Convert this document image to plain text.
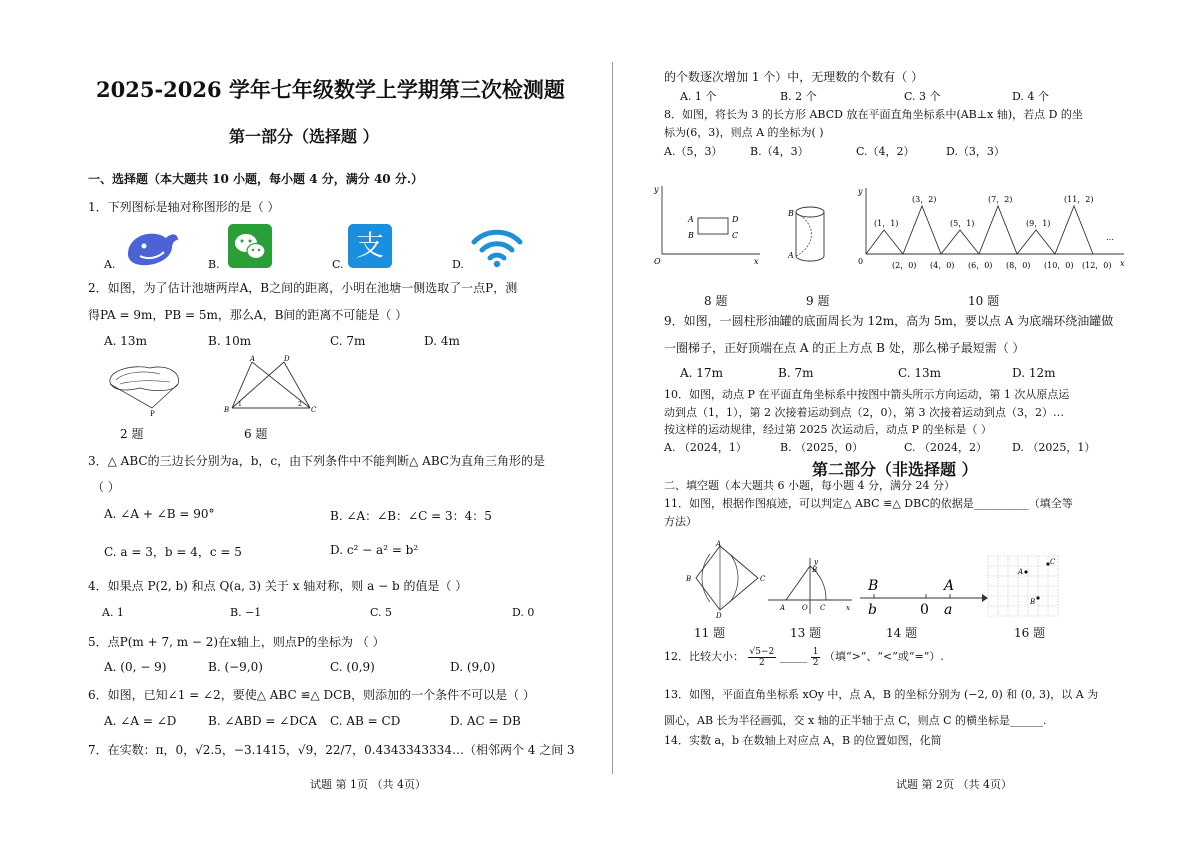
2025-2026 学年七年级数学上学期第三次检测题
第一部分（选择题 ）
一、选择题（本大题共 10 小题，每小题 4 分，满分 40 分.）
1．下列图标是轴对称图形的是（ ）
A.	B.	C.
支
D.
2．如图，为了估计池塘两岸A，B之间的距离，小明在池塘一侧选取了一点P，测
得PA = 9m，PB = 5m，那么A，B间的距离不可能是（ ）
A. 13m	B. 10m	C. 7m	D. 4m
P
A	D
B	C
1	2
2 题	6 题
3．△ ABC的三边长分别为a，b，c，由下列条件中不能判断△ ABC为直角三角形的是
（ ）
A. ∠A + ∠B = 90°	B. ∠A：∠B：∠C = 3：4：5
C. a = 3，b = 4，c = 5	D. c² − a² = b²
4．如果点 P(2, b) 和点 Q(a, 3) 关于 x 轴对称，则 a − b 的值是（ ）
A. 1	B. −1	C. 5	D. 0
5．点P(m + 7, m − 2)在x轴上，则点P的坐标为 （ ）
A. (0, − 9)	B. (−9,0)	C. (0,9)	D. (9,0)
6．如图，已知∠1 = ∠2，要使△ ABC ≌△ DCB，则添加的一个条件不可以是（ ）
A. ∠A = ∠D	B. ∠ABD = ∠DCA C. AB = CD	D. AC = DB
7．在实数：π，0，√2.5，−3.1415，√9，22/7，0.4343343334…（相邻两个 4 之间 3
试题 第 1页 （共 4页）
的个数逐次增加 1 个）中，无理数的个数有（ ）
A. 1 个	B. 2 个	C. 3 个	D. 4 个
8．如图，将长为 3 的长方形 ABCD 放在平面直角坐标系中(AB⊥x 轴)，若点 D 的坐
标为(6，3)，则点 A 的坐标为( )
A.（5，3）	B.（4，3）	C.（4，2）	D.（3，3）
y
x
O
A
B
D
C
B
A
y
x
0
(1，1)
(3，2)
(5，1)
(7，2)
(9，1)
(11，2)
(2，0) (4，0) (6，0) (8，0) (10，0) (12，0)
…
8 题	9 题	10 题
9．如图，一圆柱形油罐的底面周长为 12m，高为 5m，要以点 A 为底端环绕油罐做
一圈梯子，正好顶端在点 A 的正上方点 B 处，那么梯子最短需（ ）
A. 17m	B. 7m	C. 13m	D. 12m
10．如图，动点 P 在平面直角坐标系中按图中箭头所示方向运动，第 1 次从原点运
动到点（1，1），第 2 次接着运动到点（2，0），第 3 次接着运动到点（3，2）…
按这样的运动规律，经过第 2025 次运动后，动点 P 的坐标是（ ）
A. （2024，1）	B. （2025，0）	C. （2024，2） D. （2025，1）
第二部分（非选择题 ）
二、填空题（本大题共 6 小题，每小题 4 分，满分 24 分）
11．如图，根据作图痕迹，可以判定△ ABC ≌△ DBC的依据是__________（填全等
方法）
A
B	C
D
y
B
A O C	x
B	A
b	0 a
A
C
B
11 题	13 题	14 题	16 题
12．比较大小： $\frac{√5-2}{2}$ _____ $\frac{1}{2}$ （填“>”、“<”或“=”）.
13．如图，平面直角坐标系 xOy 中，点 A，B 的坐标分别为 (−2, 0) 和 (0, 3)，以 A 为
圆心，AB 长为半径画弧，交 x 轴的正半轴于点 C，则点 C 的横坐标是______.
14．实数 a，b 在数轴上对应点 A，B 的位置如图，化简
试题 第 2页 （共 4页）
